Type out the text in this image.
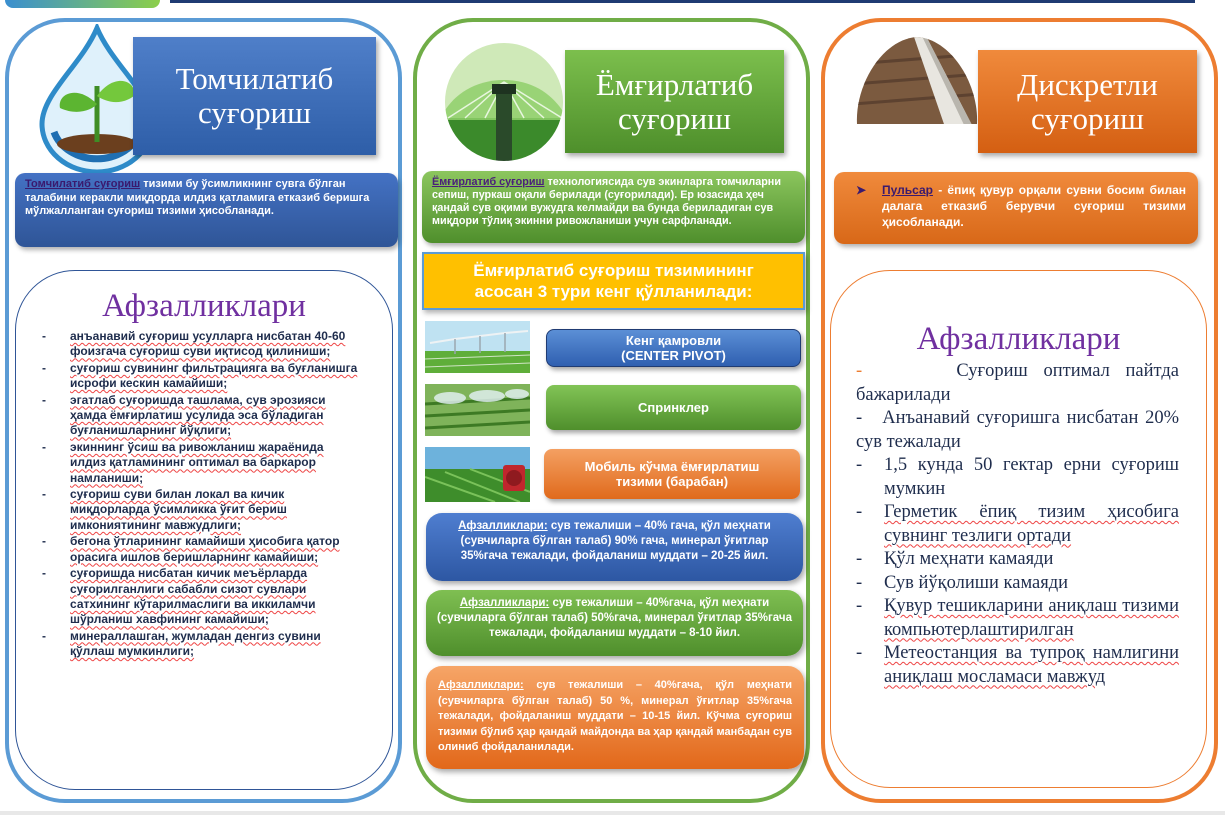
Томчилатиб суғориш
Томчилатиб суғориш тизими бу ўсимликнинг сувга бўлган талабини керакли миқдорда илдиз қатламига етказиб беришга мўлжалланган суғориш тизими ҳисобланади.
Афзалликлари
- анъанавий суғориш усулларга нисбатан 40-60 фоизгача суғориш суви иқтисод қилиниши;
- суғориш сувининг фильтрацияга ва буғланишга исрофи кескин камайиши;
- эгатлаб суғоришда ташлама, сув эрозияси ҳамда ёмғирлатиш усулида эса бўладиган буғланишларнинг йўқлиги;
- экиннинг ўсиш ва ривожланиш жараёнида илдиз қатламининг оптимал ва баркарор намланиши;
- суғориш суви билан локал ва кичик миқдорларда ўсимликка ўғит бериш имкониятининг мавжудлиги;
- бегона ўтларининг камайиши ҳисобига қатор орасига ишлов беришларнинг камайиши;
- суғоришда нисбатан кичик меъёрларда суғорилганлиги сабабли сизот сувлари сатхининг кўтарилмаслиги ва иккиламчи шўрланиш хавфининг камайиши;
- минераллашган, жумладан денгиз сувини қўллаш мумкинлиги;
Ёмғирлатиб суғориш
Ёмғирлатиб суғориш технологиясида сув экинларга томчиларни сепиш, пуркаш оқали берилади (суғорилади). Ер юзасида ҳеч қандай сув оқими вужудга келмайди ва бунда бериладиган сув миқдори тўлиқ экинни ривожланиши учун сарфланади.
Ёмғирлатиб суғориш тизимининг асосан 3 тури кенг қўлланилади:
Кенг қамровли
(CENTER PIVOT)
Спринклер
Мобиль кўчма ёмғирлатиш
тизими (барабан)
Афзалликлари: сув тежалиши – 40% гача, қўл меҳнати (сувчиларга бўлган талаб) 90% гача, минерал ўғитлар 35%гача тежалади, фойдаланиш муддати – 20-25 йил.
Афзалликлари: сув тежалиши – 40%гача, қўл меҳнати (сувчиларга бўлган талаб) 50%гача, минерал ўғитлар 35%гача тежалади, фойдаланиш муддати – 8-10 йил.
Афзалликлари: сув тежалиши – 40%гача, қўл меҳнати (сувчиларга бўлган талаб) 50 %, минерал ўғитлар 35%гача тежалади, фойдаланиш муддати – 10-15 йил. Кўчма суғориш тизими бўлиб ҳар қандай майдонда ва ҳар қандай манбадан сув олиниб фойдаланилади.
Дискретли суғориш
➤ Пульсар - ёпиқ қувур орқали сувни босим билан далага етказиб берувчи суғориш тизими ҳисобланади.
Афзалликлари
-	Суғориш оптимал пайтда бажарилади
- Анъанавий суғоришга нисбатан 20% сув тежалади
- 1,5 кунда 50 гектар ерни суғориш мумкин
- Герметик ёпиқ тизим ҳисобига сувнинг тезлиги ортади
- Қўл меҳнати камаяди
- Сув йўқолиши камаяди
- Қувур тешикларини аниқлаш тизими компьютерлаштирилган
- Метеостанция ва тупроқ намлигини аниқлаш мосламаси мавжуд
